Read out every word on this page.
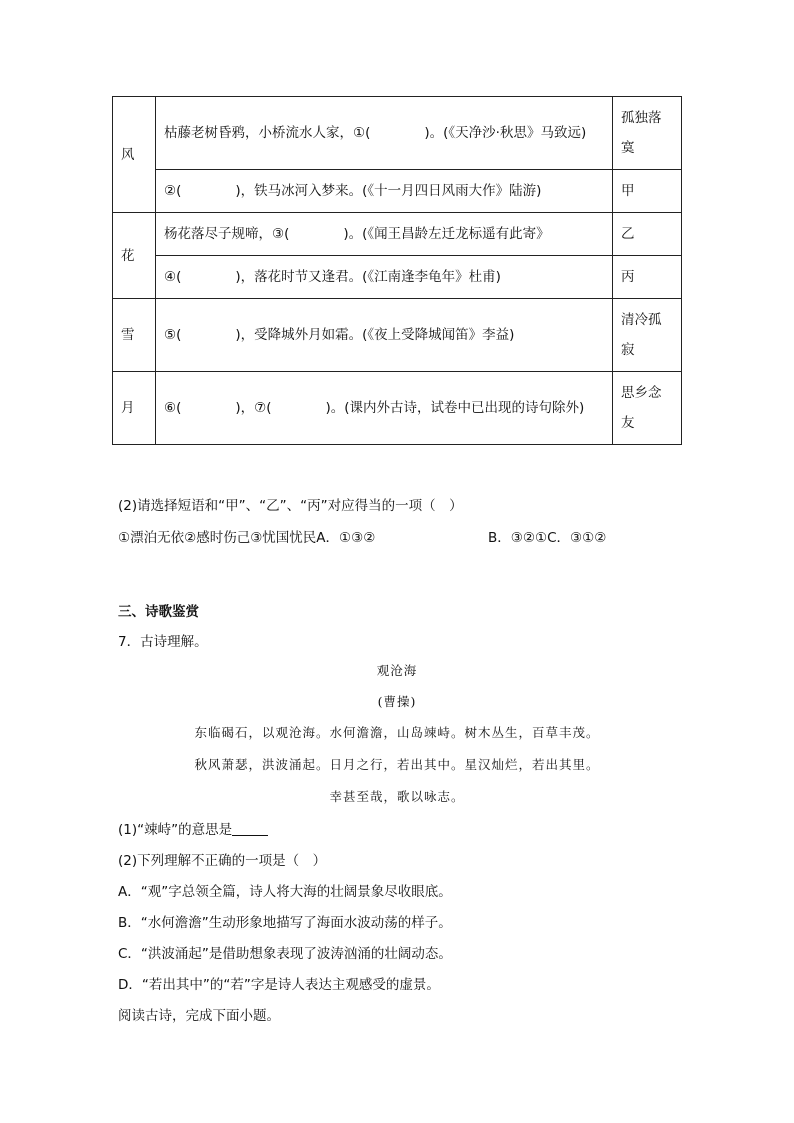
风	枯藤老树昏鸦，小桥流水人家，①(　　　　)。(《天净沙·秋思》马致远)	孤独落寞
	②(　　　　)，铁马冰河入梦来。(《十一月四日风雨大作》陆游)	甲
花	杨花落尽子规啼，③(　　　　)。(《闻王昌龄左迁龙标遥有此寄》	乙
	④(　　　　)，落花时节又逢君。(《江南逢李龟年》杜甫)	丙
雪	⑤(　　　　)，受降城外月如霜。(《夜上受降城闻笛》李益)	清冷孤寂
月	⑥(　　　　)，⑦(　　　　)。(课内外古诗，试卷中已出现的诗句除外)	思乡念友
(2)请选择短语和“甲”、“乙”、“丙”对应得当的一项（　）
①漂泊无依②感时伤己③忧国忧民A．①③②	B．③②①C．③①②
三、诗歌鉴赏
7．古诗理解。
观沧海
(曹操)
东临碣石，以观沧海。水何澹澹，山岛竦峙。树木丛生，百草丰茂。
秋风萧瑟，洪波涌起。日月之行，若出其中。星汉灿烂，若出其里。
幸甚至哉，歌以咏志。
(1)“竦峙”的意思是
(2)下列理解不正确的一项是（　）
A．“观”字总领全篇，诗人将大海的壮阔景象尽收眼底。
B．“水何澹澹”生动形象地描写了海面水波动荡的样子。
C．“洪波涌起”是借助想象表现了波涛汹涌的壮阔动态。
D．“若出其中”的“若”字是诗人表达主观感受的虚景。
阅读古诗，完成下面小题。
